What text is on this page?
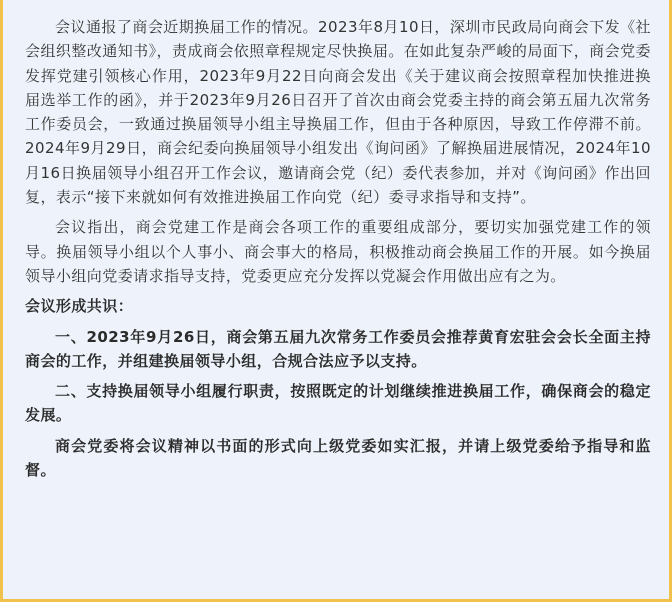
会议通报了商会近期换届工作的情况。2023年8月10日，深圳市民政局向商会下发《社会组织整改通知书》，责成商会依照章程规定尽快换届。在如此复杂严峻的局面下，商会党委发挥党建引领核心作用，2023年9月22日向商会发出《关于建议商会按照章程加快推进换届选举工作的函》，并于2023年9月26日召开了首次由商会党委主持的商会第五届九次常务工作委员会，一致通过换届领导小组主导换届工作，但由于各种原因，导致工作停滞不前。2024年9月29日，商会纪委向换届领导小组发出《询问函》了解换届进展情况，2024年10月16日换届领导小组召开工作会议，邀请商会党（纪）委代表参加，并对《询问函》作出回复，表示“接下来就如何有效推进换届工作向党（纪）委寻求指导和支持”。

会议指出，商会党建工作是商会各项工作的重要组成部分，要切实加强党建工作的领导。换届领导小组以个人事小、商会事大的格局，积极推动商会换届工作的开展。如今换届领导小组向党委请求指导支持，党委更应充分发挥以党凝会作用做出应有之为。

会议形成共识：

一、2023年9月26日，商会第五届九次常务工作委员会推荐黄育宏驻会会长全面主持商会的工作，并组建换届领导小组，合规合法应予以支持。

二、支持换届领导小组履行职责，按照既定的计划继续推进换届工作，确保商会的稳定发展。

商会党委将会议精神以书面的形式向上级党委如实汇报，并请上级党委给予指导和监督。
